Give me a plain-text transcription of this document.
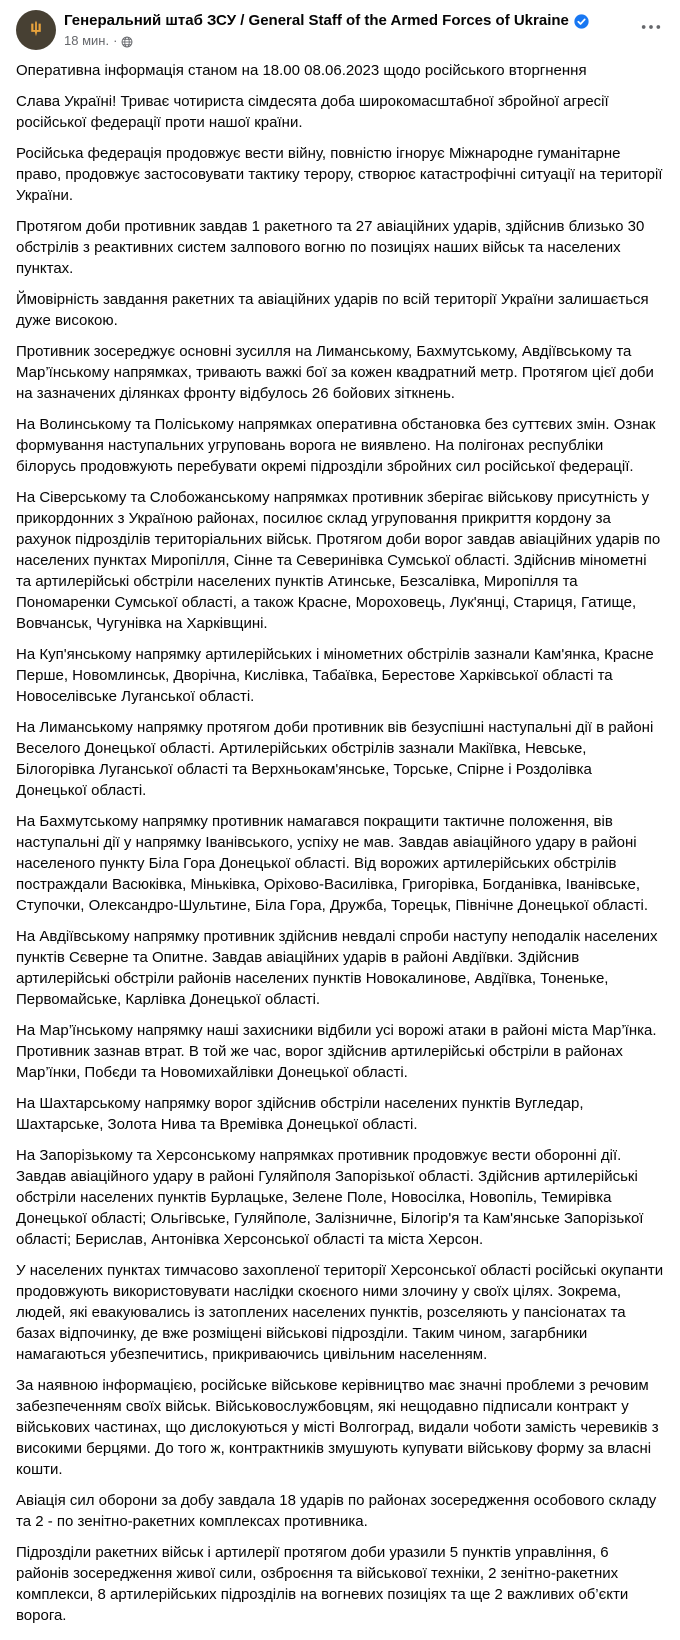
Генеральний штаб ЗСУ / General Staff of the Armed Forces of Ukraine
18 мин. ·

Оперативна інформація станом на 18.00 08.06.2023 щодо російського вторгнення

Слава Україні! Триває чотириста сімдесята доба широкомасштабної збройної агресії російської федерації проти нашої країни.

Російська федерація продовжує вести війну, повністю ігнорує Міжнародне гуманітарне право, продовжує застосовувати тактику терору, створює катастрофічні ситуації на території України.

Протягом доби противник завдав 1 ракетного та 27 авіаційних ударів, здійснив близько 30 обстрілів з реактивних систем залпового вогню по позиціях наших військ та населених пунктах.

Ймовірність завдання ракетних та авіаційних ударів по всій території України залишається дуже високою.

Противник зосереджує основні зусилля на Лиманському, Бахмутському, Авдіївському та Мар’їнському напрямках, тривають важкі бої за кожен квадратний метр. Протягом цієї доби на зазначених ділянках фронту відбулось 26 бойових зіткнень.

На Волинському та Поліському напрямках оперативна обстановка без суттєвих змін. Ознак формування наступальних угруповань ворога не виявлено. На полігонах республіки білорусь продовжують перебувати окремі підрозділи збройних сил російської федерації.

На Сіверському та Слобожанському напрямках противник зберігає військову присутність у прикордонних з Україною районах, посилює склад угруповання прикриття кордону за рахунок підрозділів територіальних військ. Протягом доби ворог завдав авіаційних ударів по населених пунктах Миропілля, Сінне та Северинівка Сумської області. Здійснив мінометні та артилерійські обстріли населених пунктів Атинське, Безсалівка, Миропілля та Пономаренки Сумської області, а також Красне, Мороховець, Лук'янці, Стариця, Гатище, Вовчанськ, Чугунівка на Харківщині.

На Куп'янському напрямку артилерійських і мінометних обстрілів зазнали Кам'янка, Красне Перше, Новомлинськ, Дворічна, Кислівка, Табаївка, Берестове Харківської області та Новоселівське Луганської області.

На Лиманському напрямку протягом доби противник вів безуспішні наступальні дії в районі Веселого Донецької області. Артилерійських обстрілів зазнали Макіївка, Невське, Білогорівка Луганської області та Верхньокам'янське, Торське, Спірне і Роздолівка Донецької області.

На Бахмутському напрямку противник намагався покращити тактичне положення, вів наступальні дії у напрямку Іванівського, успіху не мав. Завдав авіаційного удару в районі населеного пункту Біла Гора Донецької області. Від ворожих артилерійських обстрілів постраждали Васюківка, Міньківка, Оріхово-Василівка, Григорівка, Богданівка, Іванівське, Ступочки, Олександро-Шультине, Біла Гора, Дружба, Торецьк, Північне Донецької області.

На Авдіївському напрямку противник здійснив невдалі спроби наступу неподалік населених пунктів Сєверне та Опитне. Завдав авіаційних ударів в районі Авдіївки. Здійснив артилерійські обстріли районів населених пунктів Новокалинове, Авдіївка, Тоненьке, Первомайське, Карлівка Донецької області.

На Мар’їнському напрямку наші захисники відбили усі ворожі атаки в районі міста Мар’їнка. Противник зазнав втрат. В той же час, ворог здійснив артилерійські обстріли в районах Мар’їнки, Побєди та Новомихайлівки Донецької області.

На Шахтарському напрямку ворог здійснив обстріли населених пунктів Вугледар, Шахтарське, Золота Нива та Времівка Донецької області.

На Запорізькому та Херсонському напрямках противник продовжує вести оборонні дії. Завдав авіаційного удару в районі Гуляйполя Запорізької області. Здійснив артилерійські обстріли населених пунктів Бурлацьке, Зелене Поле, Новосілка, Новопіль, Темирівка Донецької області; Ольгівське, Гуляйполе, Залізничне, Білогір'я та Кам'янське Запорізької області; Берислав, Антонівка Херсонської області та міста Херсон.

У населених пунктах тимчасово захопленої території Херсонської області російські окупанти продовжують використовувати наслідки скоєного ними злочину у своїх цілях. Зокрема, людей, які евакуювались із затоплених населених пунктів, розселяють у пансіонатах та базах відпочинку, де вже розміщені військові підрозділи. Таким чином, загарбники намагаються убезпечитись, прикриваючись цивільним населенням.

За наявною інформацією, російське військове керівництво має значні проблеми з речовим забезпеченням своїх військ. Військовослужбовцям, які нещодавно підписали контракт у військових частинах, що дислокуються у місті Волгоград, видали чоботи замість черевиків з високими берцями. До того ж, контрактників змушують купувати військову форму за власні кошти.

Авіація сил оборони за добу завдала 18 ударів по районах зосередження особового складу та 2 - по зенітно-ракетних комплексах противника.

Підрозділи ракетних військ і артилерії протягом доби уразили 5 пунктів управління, 6 районів зосередження живої сили, озброєння та військової техніки, 2 зенітно-ракетних комплекси, 8 артилерійських підрозділів на вогневих позиціях та ще 2 важливих об’єкти ворога.
